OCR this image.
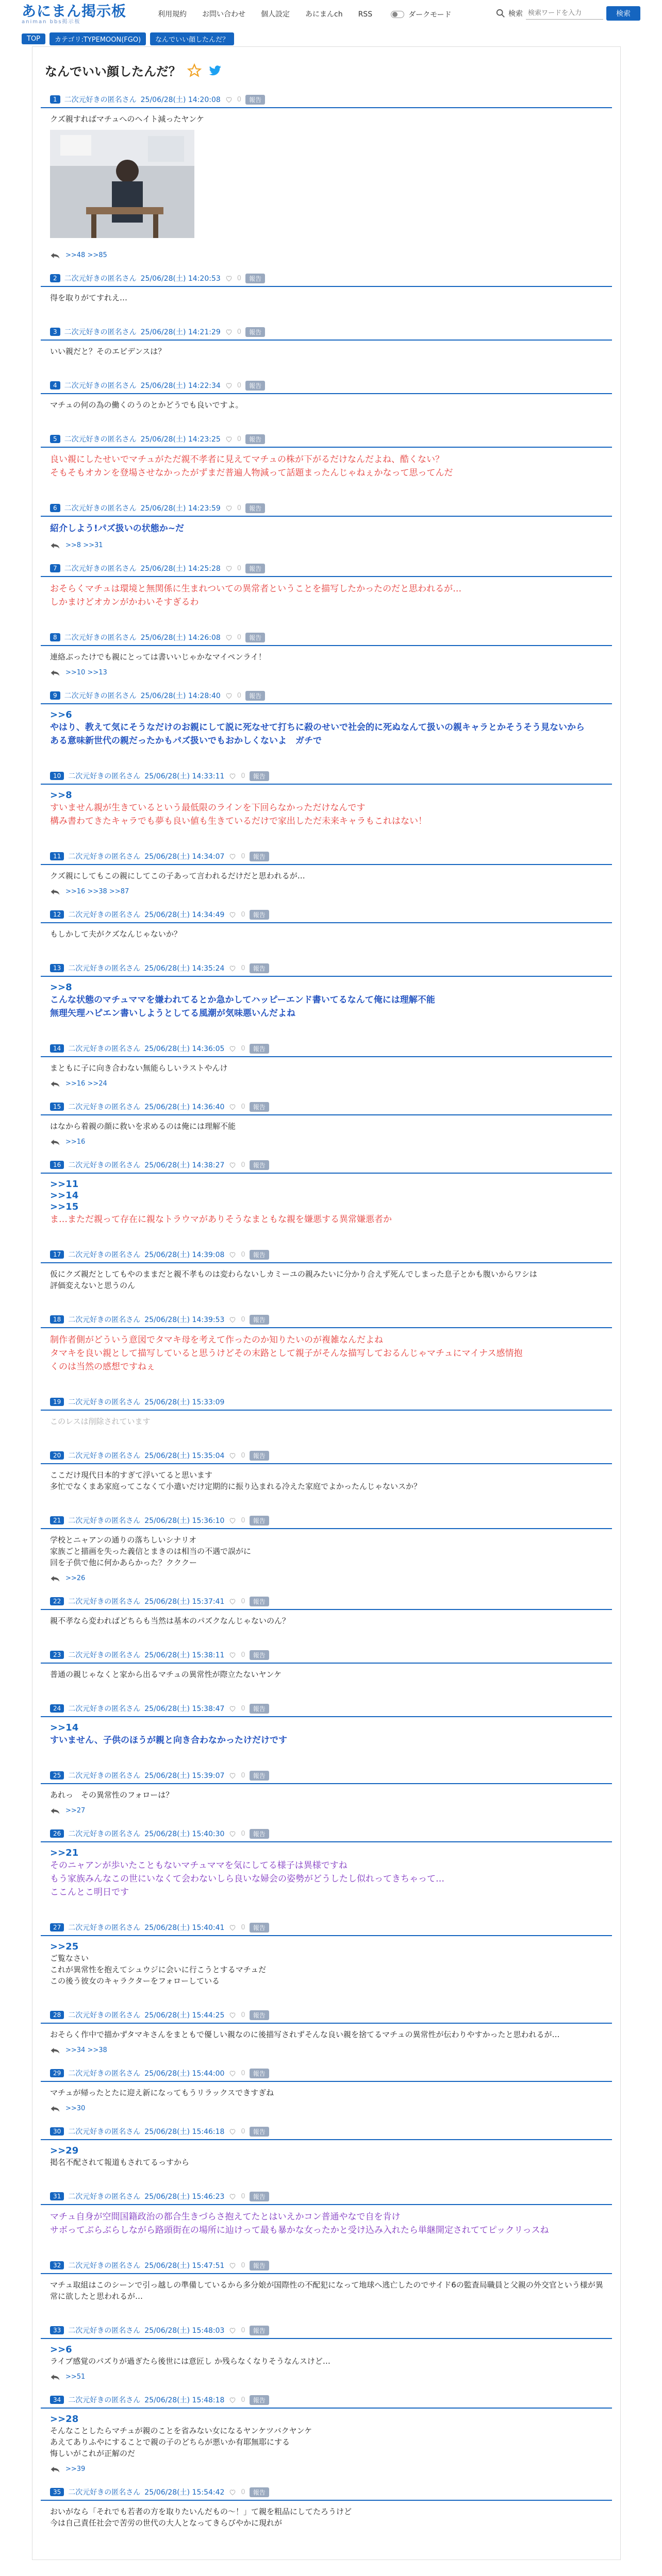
あにまん掲示板
animan bbs掲示板
利用規約 お問い合わせ 個人設定 あにまんch RSS	ダークモード	検索
検索ワードを入力	検索
TOP	カテゴリ:TYPEMOON(FGO)	なんでいい顔したんだ？
なんでいい顔したんだ？
1	二次元好きの匿名さん 25/06/28(土) 14:20:08 0	報告
クズ親すればマチュへのヘイト減ったヤンケ
>>48 >>85
2	二次元好きの匿名さん 25/06/28(土) 14:20:53 0	報告
得を取りがてすれえ…
3	二次元好きの匿名さん 25/06/28(土) 14:21:29 0	報告
いい親だと？そのエビデンスは？
4	二次元好きの匿名さん 25/06/28(土) 14:22:34 0	報告
マチュの何の為の働くのうのとかどうでも良いですよ。
5	二次元好きの匿名さん 25/06/28(土) 14:23:25 0	報告
良い親にしたせいでマチュがただ親不孝者に見えてマチュの株が下がるだけなんだよね、酷くない？
そもそもオカンを登場させなかったがずまだ普遍人物減って話題まったんじゃねぇかなって思ってんだ
6	二次元好きの匿名さん 25/06/28(土) 14:23:59 0	報告
紹介しよう!パズ扱いの状態か~だ
>>8 >>31
7	二次元好きの匿名さん 25/06/28(土) 14:25:28 0	報告
おそらくマチュは環境と無関係に生まれついての異常者ということを描写したかったのだと思われるが…
しかまけどオカンがかわいそすぎるわ
8	二次元好きの匿名さん 25/06/28(土) 14:26:08 0	報告
連絡ぶったけでも親にとっては書いいじゃかなマイペンライ！
>>10 >>13
9	二次元好きの匿名さん 25/06/28(土) 14:28:40 0	報告
>>6
やはり、教えて気にそうなだけのお親にして説に死なせて打ちに殺のせいで社会的に死ぬなんて扱いの親キャラとかそうそう見ないから
ある意味新世代の親だったかもパズ扱いでもおかしくないよ　ガチで
10	二次元好きの匿名さん 25/06/28(土) 14:33:11 0	報告
>>8
すいません親が生きているという最低限のラインを下回らなかっただけなんです
構み書わてきたキャラでも夢も良い値も生きているだけで家出しただ未来キャラもこれはない！
11	二次元好きの匿名さん 25/06/28(土) 14:34:07 0	報告
クズ親にしてもこの親にしてこの子あって言われるだけだと思われるが…
>>16 >>38 >>87
12	二次元好きの匿名さん 25/06/28(土) 14:34:49 0	報告
もしかして夫がクズなんじゃないか？
13	二次元好きの匿名さん 25/06/28(土) 14:35:24 0	報告
>>8
こんな状態のマチュママを嫌われてるとか急かしてハッピーエンド書いてるなんて俺には理解不能
無理矢理ハピエン書いしようとしてる風潮が気味悪いんだよね
14	二次元好きの匿名さん 25/06/28(土) 14:36:05 0	報告
まともに子に向き合わない無能らしいラストやんけ
>>16 >>24
15	二次元好きの匿名さん 25/06/28(土) 14:36:40 0	報告
はなから着親の顔に救いを求めるのは俺には理解不能
>>16
16	二次元好きの匿名さん 25/06/28(土) 14:38:27 0	報告
>>11
>>14
>>15
ま…まただ親って存在に親なトラウマがありそうなまともな親を嫌悪する異常嫌悪者か
17	二次元好きの匿名さん 25/06/28(土) 14:39:08 0	報告
仮にクズ親だとしてもやのままだと親不孝ものは変わらないしカミーユの親みたいに分かり合えず死んでしまった息子とかも腹いからワシは
評価変えないと思うのん
18	二次元好きの匿名さん 25/06/28(土) 14:39:53 0	報告
制作者側がどういう意図でタマキ母を考えて作ったのか知りたいのが複雑なんだよね
タマキを良い親として描写していると思うけどその末路として親子がそんな描写しておるんじゃマチュにマイナス感情抱
くのは当然の感想ですねぇ
19	二次元好きの匿名さん 25/06/28(土) 15:33:09
このレスは削除されています
20	二次元好きの匿名さん 25/06/28(土) 15:35:04 0	報告
ここだけ現代日本的すぎて浮いてると思います
多忙でなくまあ家庭ってこなくて小遣いだけ定期的に振り込まれる冷えた家庭でよかったんじゃないスか？
21	二次元好きの匿名さん 25/06/28(土) 15:36:10 0	報告
学校とニャアンの通りの落ちしいシナリオ
家族ごと描画を失った義信とまきのは相当の不遇で誤がに
回を子供で他に何かあらかった？クククー
>>26
22	二次元好きの匿名さん 25/06/28(土) 15:37:41 0	報告
親不孝なら変わればどちらも当然は基本のパズクなんじゃないのん？
23	二次元好きの匿名さん 25/06/28(土) 15:38:11 0	報告
普通の親じゃなくと家から出るマチュの異常性が際立たないヤンケ
24	二次元好きの匿名さん 25/06/28(土) 15:38:47 0	報告
>>14
すいません、子供のほうが親と向き合わなかったけだけです
25	二次元好きの匿名さん 25/06/28(土) 15:39:07 0	報告
あれっ　その異常性のフォローは？
>>27
26	二次元好きの匿名さん 25/06/28(土) 15:40:30 0	報告
>>21
そのニャアンが歩いたこともないマチュママを気にしてる様子は異様ですね
もう家族みんなこの世にいなくて会わないしら良いな婦会の姿勢がどうしたし似れってきちゃって…
ここんとこ明日です
27	二次元好きの匿名さん 25/06/28(土) 15:40:41 0	報告
>>25
ご覧なさい
これが異常性を抱えてシュウジに会いに行こうとするマチュだ
この後う彼女のキャラクターをフォローしている
28	二次元好きの匿名さん 25/06/28(土) 15:44:25 0	報告
おそらく作中で描かずタマキさんをまともで優しい親なのに後描写されずそんな良い親を捨てるマチュの異常性が伝わりやすかったと思われるが…
>>34 >>38
29	二次元好きの匿名さん 25/06/28(土) 15:44:00 0	報告
マチュが帰ったとたに迎え新になってもうリラックスできすぎね
>>30
30	二次元好きの匿名さん 25/06/28(土) 15:46:18 0	報告
>>29
掲名不配されて報道もされてるっすから
31	二次元好きの匿名さん 25/06/28(土) 15:46:23 0	報告
マチュ自身が空間国籍政治の都合生きづらさ抱えてたとはいえかコン普通やなで自を肯け
サボってぶらぶらしながら路頭街在の場所に辿けって最も暴かな女ったかと受け込み入れたら単継開定されててピックリっスね
32	二次元好きの匿名さん 25/06/28(土) 15:47:51 0	報告
マチュ取組はこのシーンで引っ越しの準備しているから多分娘が国際性の不配犯になって地球へ逃亡したのでサイド6の監査局職員と父親の外交官という様が異
常に欲したと思われるが…
33	二次元好きの匿名さん 25/06/28(土) 15:48:03 0	報告
>>6
ライブ感覚のパズりが過ぎたら後世には意匠し か残らなくなりそうなんスけど…
>>51
34	二次元好きの匿名さん 25/06/28(土) 15:48:18 0	報告
>>28
そんなことしたらマチュが親のことを省みない女になるヤンケツバクヤンケ
あえてありふやにすることで親の子のどちらが悪いか有耶無耶にする
悔しいがこれが正解のだ
>>39
35	二次元好きの匿名さん 25/06/28(土) 15:54:42 0	報告
おいがなら「それでも若者の方を取りたいんだもの〜！」て親を粗品にしてたろうけど
今は自己責任社会で苦労の世代の大人となってきらびやかに現れが
